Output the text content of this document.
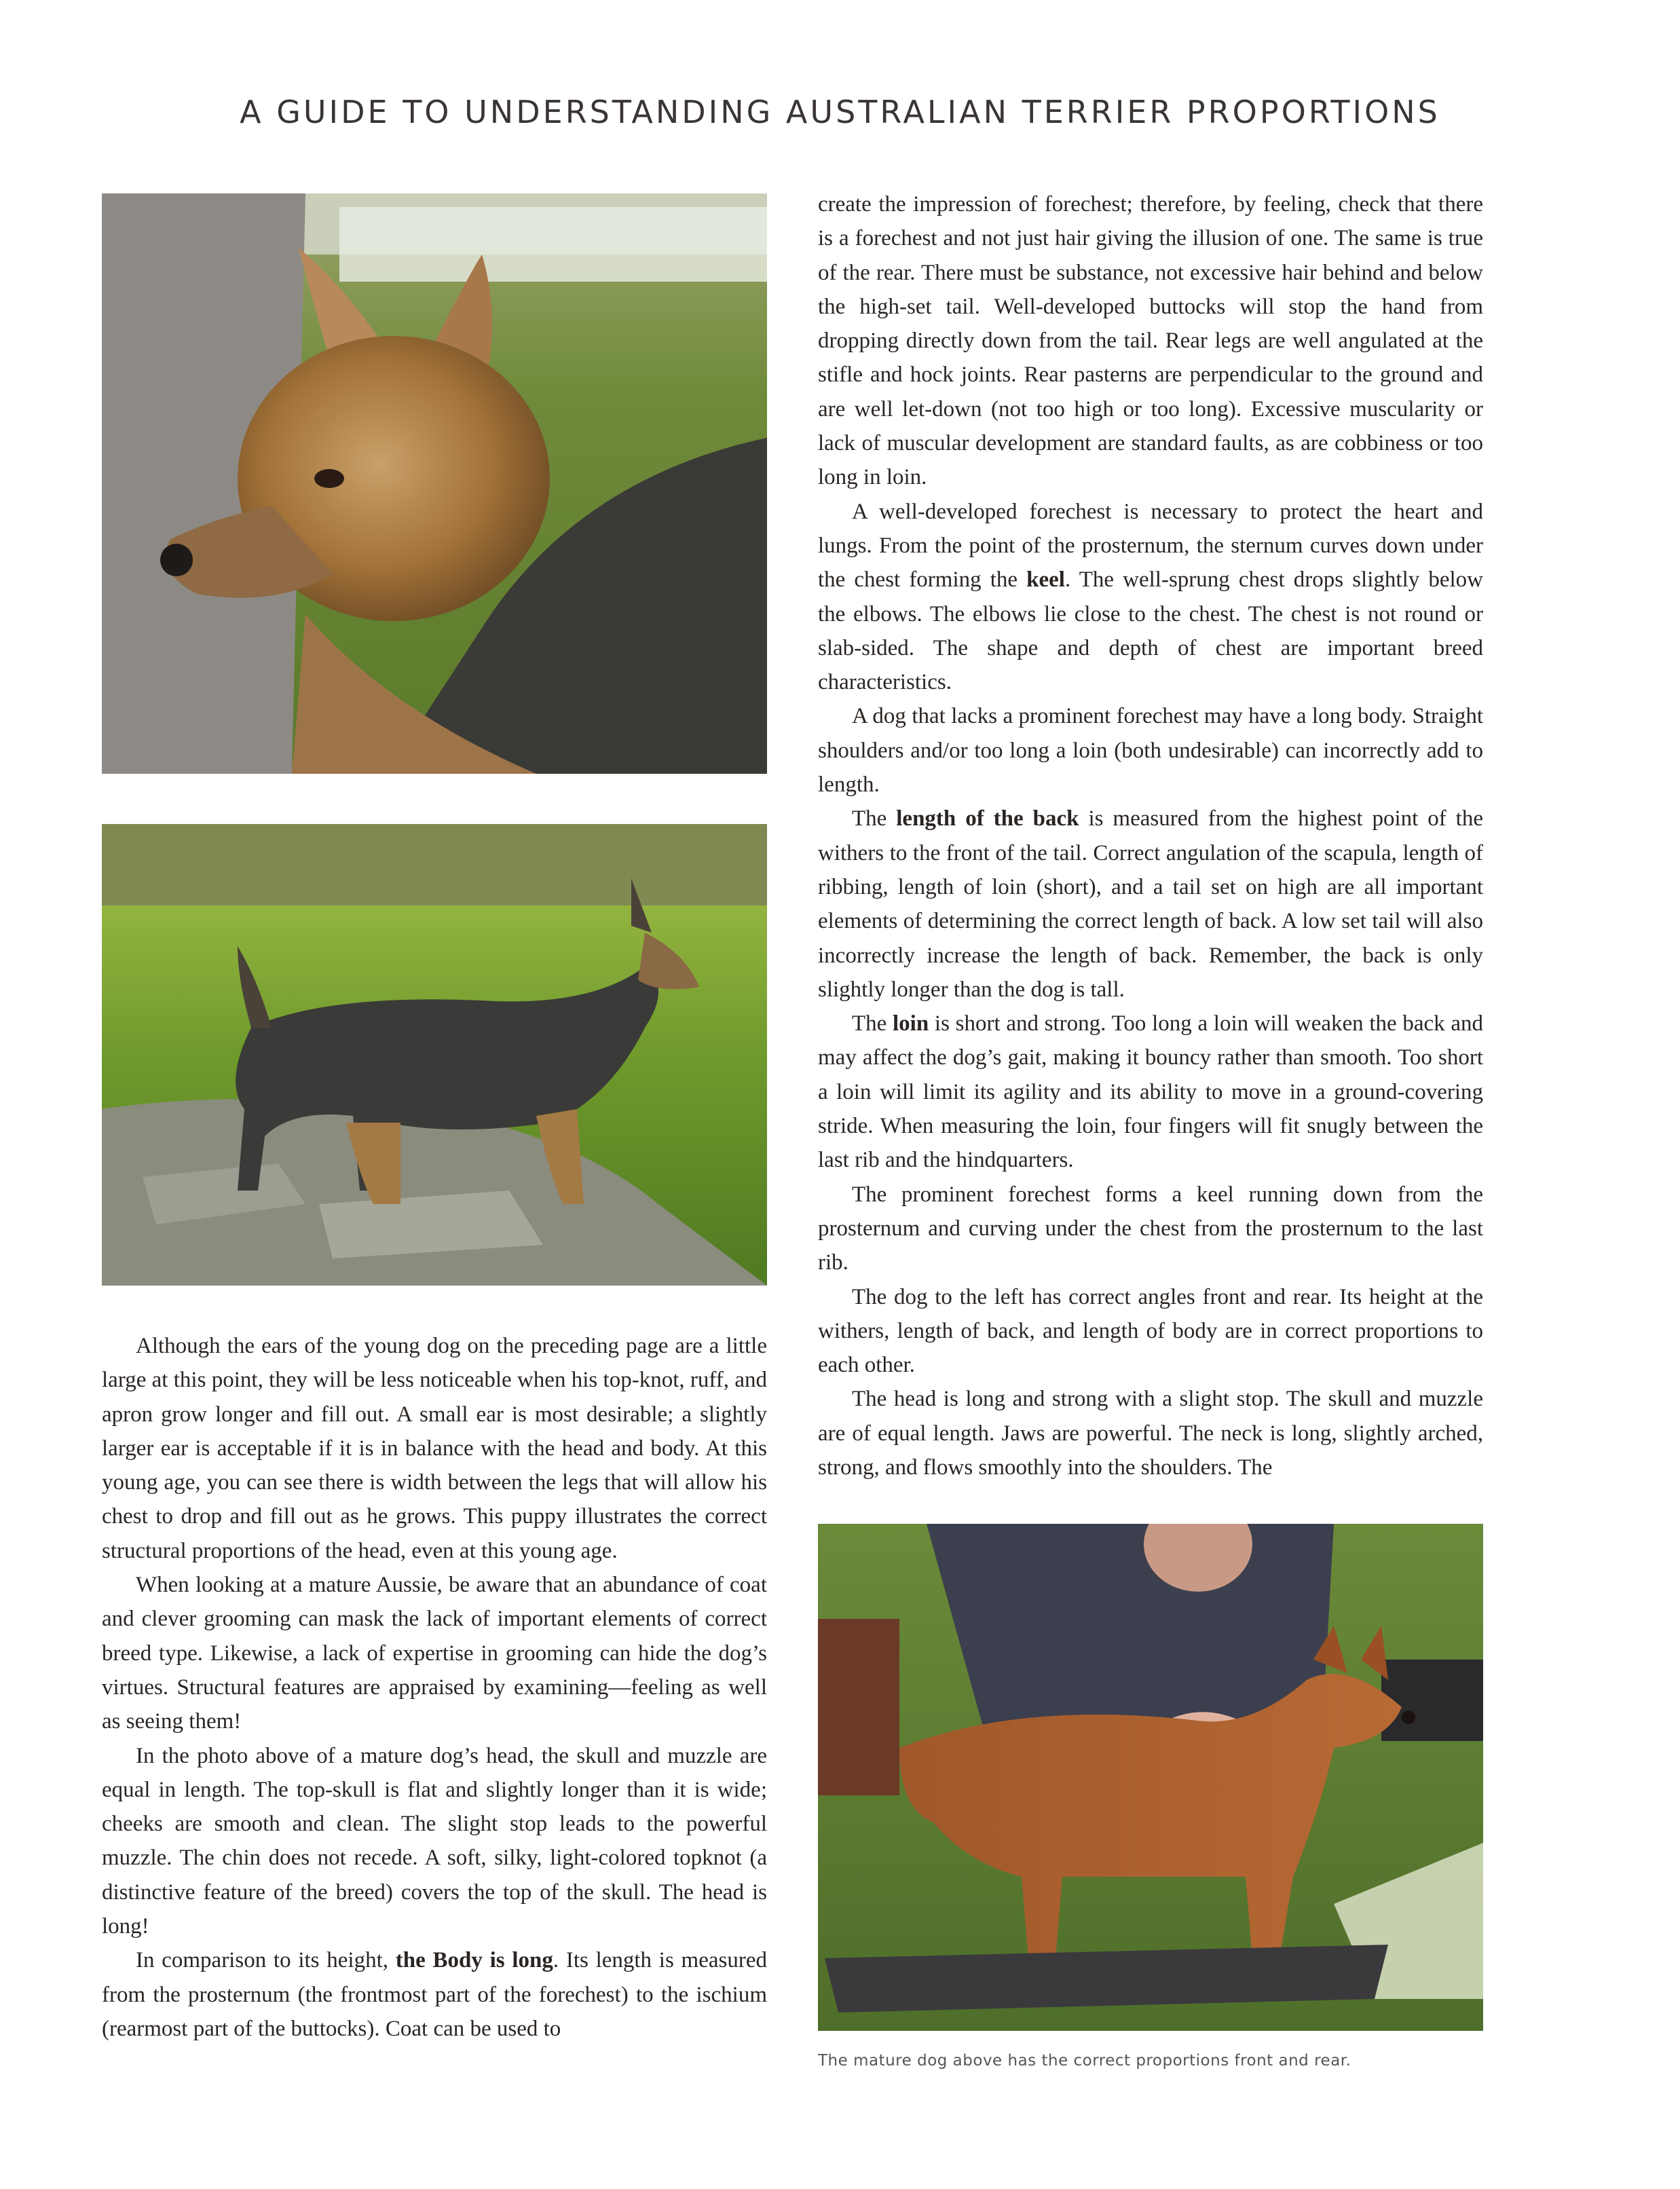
A GUIDE TO UNDERSTANDING AUSTRALIAN TERRIER PROPORTIONS

Although the ears of the young dog on the preceding page are a little large at this point, they will be less noticeable when his top-knot, ruff, and apron grow longer and fill out. A small ear is most desirable; a slightly larger ear is acceptable if it is in balance with the head and body. At this young age, you can see there is width between the legs that will allow his chest to drop and fill out as he grows. This puppy illustrates the correct structural proportions of the head, even at this young age.

When looking at a mature Aussie, be aware that an abundance of coat and clever grooming can mask the lack of important elements of correct breed type. Likewise, a lack of expertise in grooming can hide the dog’s virtues. Structural features are appraised by examining—feeling as well as seeing them!

In the photo above of a mature dog’s head, the skull and muzzle are equal in length. The top-skull is flat and slightly longer than it is wide; cheeks are smooth and clean. The slight stop leads to the powerful muzzle. The chin does not recede. A soft, silky, light-colored topknot (a distinctive feature of the breed) covers the top of the skull. The head is long!

In comparison to its height, the Body is long. Its length is measured from the prosternum (the frontmost part of the forechest) to the ischium (rearmost part of the buttocks). Coat can be used to

create the impression of forechest; therefore, by feeling, check that there is a forechest and not just hair giving the illusion of one. The same is true of the rear. There must be substance, not excessive hair behind and below the high-set tail. Well-developed buttocks will stop the hand from dropping directly down from the tail. Rear legs are well angulated at the stifle and hock joints. Rear pasterns are perpendicular to the ground and are well let-down (not too high or too long). Excessive muscularity or lack of muscular development are standard faults, as are cobbiness or too long in loin.

A well-developed forechest is necessary to protect the heart and lungs. From the point of the prosternum, the sternum curves down under the chest forming the keel. The well-sprung chest drops slightly below the elbows. The elbows lie close to the chest. The chest is not round or slab-sided. The shape and depth of chest are important breed characteristics.

A dog that lacks a prominent forechest may have a long body. Straight shoulders and/or too long a loin (both undesirable) can incorrectly add to length.

The length of the back is measured from the highest point of the withers to the front of the tail. Correct angulation of the scapula, length of ribbing, length of loin (short), and a tail set on high are all important elements of determining the correct length of back. A low set tail will also incorrectly increase the length of back. Remember, the back is only slightly longer than the dog is tall.

The loin is short and strong. Too long a loin will weaken the back and may affect the dog’s gait, making it bouncy rather than smooth. Too short a loin will limit its agility and its ability to move in a ground-covering stride. When measuring the loin, four fingers will fit snugly between the last rib and the hindquarters.

The prominent forechest forms a keel running down from the prosternum and curving under the chest from the prosternum to the last rib.

The dog to the left has correct angles front and rear. Its height at the withers, length of back, and length of body are in correct proportions to each other.

The head is long and strong with a slight stop. The skull and muzzle are of equal length. Jaws are powerful. The neck is long, slightly arched, strong, and flows smoothly into the shoulders. The

The mature dog above has the correct proportions front and rear.
